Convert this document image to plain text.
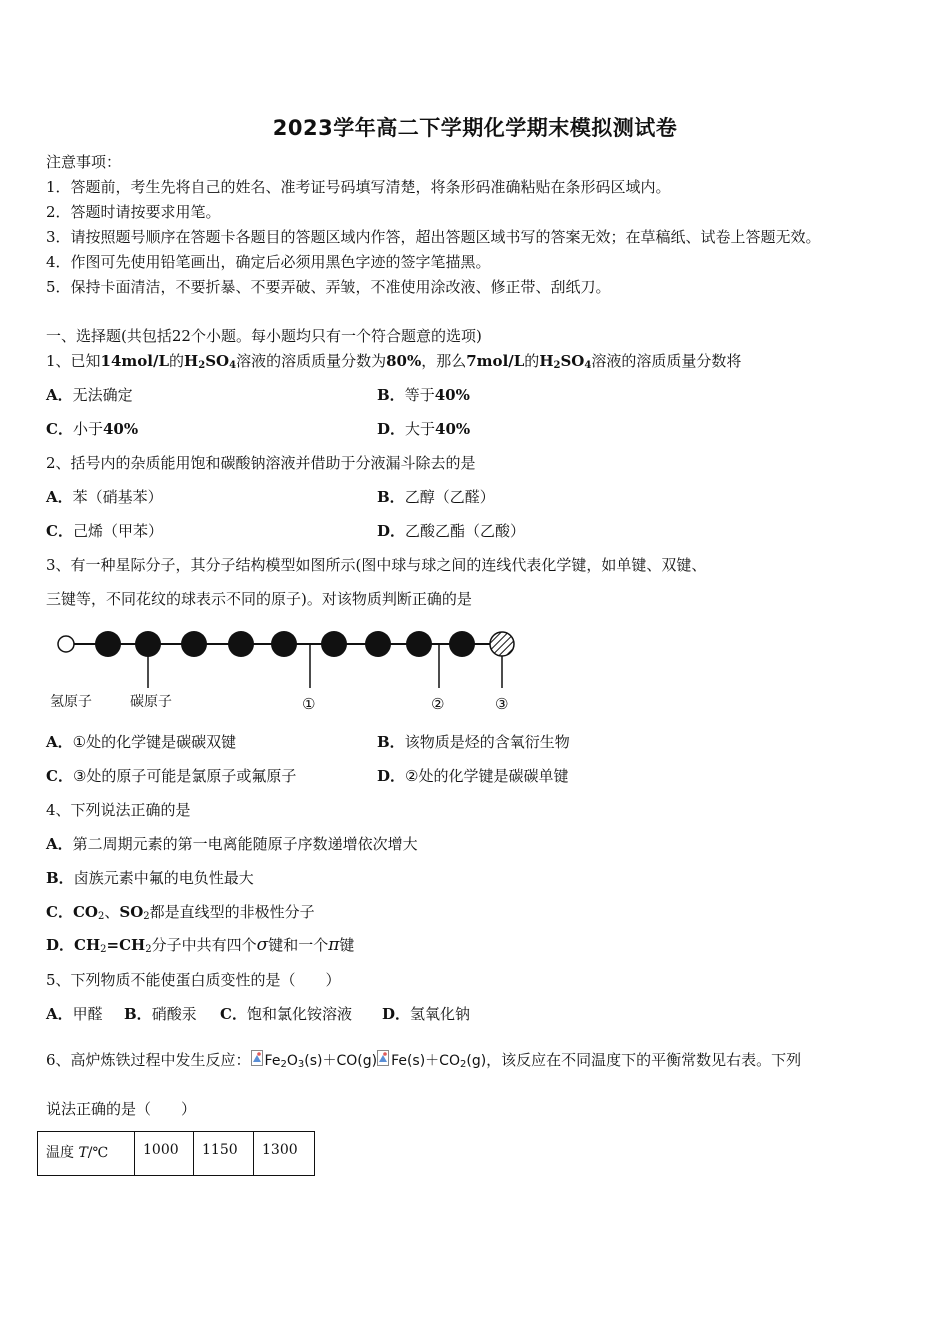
2023学年高二下学期化学期末模拟测试卷
注意事项：
1．答题前，考生先将自己的姓名、准考证号码填写清楚，将条形码准确粘贴在条形码区域内。
2．答题时请按要求用笔。
3．请按照题号顺序在答题卡各题目的答题区域内作答，超出答题区域书写的答案无效；在草稿纸、试卷上答题无效。
4．作图可先使用铅笔画出，确定后必须用黑色字迹的签字笔描黑。
5．保持卡面清洁，不要折暴、不要弄破、弄皱，不准使用涂改液、修正带、刮纸刀。
一、选择题(共包括22个小题。每小题均只有一个符合题意的选项)
1、已知14mol/L的$H_2SO_4$溶液的溶质质量分数为80%，那么7mol/L的$H_2SO_4$溶液的溶质质量分数将
A．无法确定	B．等于40%
C．小于40%	D．大于40%
2、括号内的杂质能用饱和碳酸钠溶液并借助于分液漏斗除去的是
A．苯（硝基苯）	B．乙醇（乙醛）
C．己烯（甲苯）	D．乙酸乙酯（乙酸）
3、有一种星际分子，其分子结构模型如图所示(图中球与球之间的连线代表化学键，如单键、双键、
三键等，不同花纹的球表示不同的原子)。对该物质判断正确的是
氢原子	碳原子	①	②	③
A．①处的化学键是碳碳双键	B．该物质是烃的含氧衍生物
C．③处的原子可能是氯原子或氟原子	D．②处的化学键是碳碳单键
4、下列说法正确的是
A．第二周期元素的第一电离能随原子序数递增依次增大
B．卤族元素中氟的电负性最大
C．$CO_2$、$SO_2$都是直线型的非极性分子
D．$CH_2=CH_2$分子中共有四个σ键和一个π键
5、下列物质不能使蛋白质变性的是（　　）
A．甲醛 B．硝酸汞 C．饱和氯化铵溶液 D．氢氧化钠
6、高炉炼铁过程中发生反应： $Fe_2O_3(s)+CO(g)$ $Fe(s)+CO_2(g)$，该反应在不同温度下的平衡常数见右表。下列
说法正确的是（　　）
温度 T/℃	1000	1150	1300
